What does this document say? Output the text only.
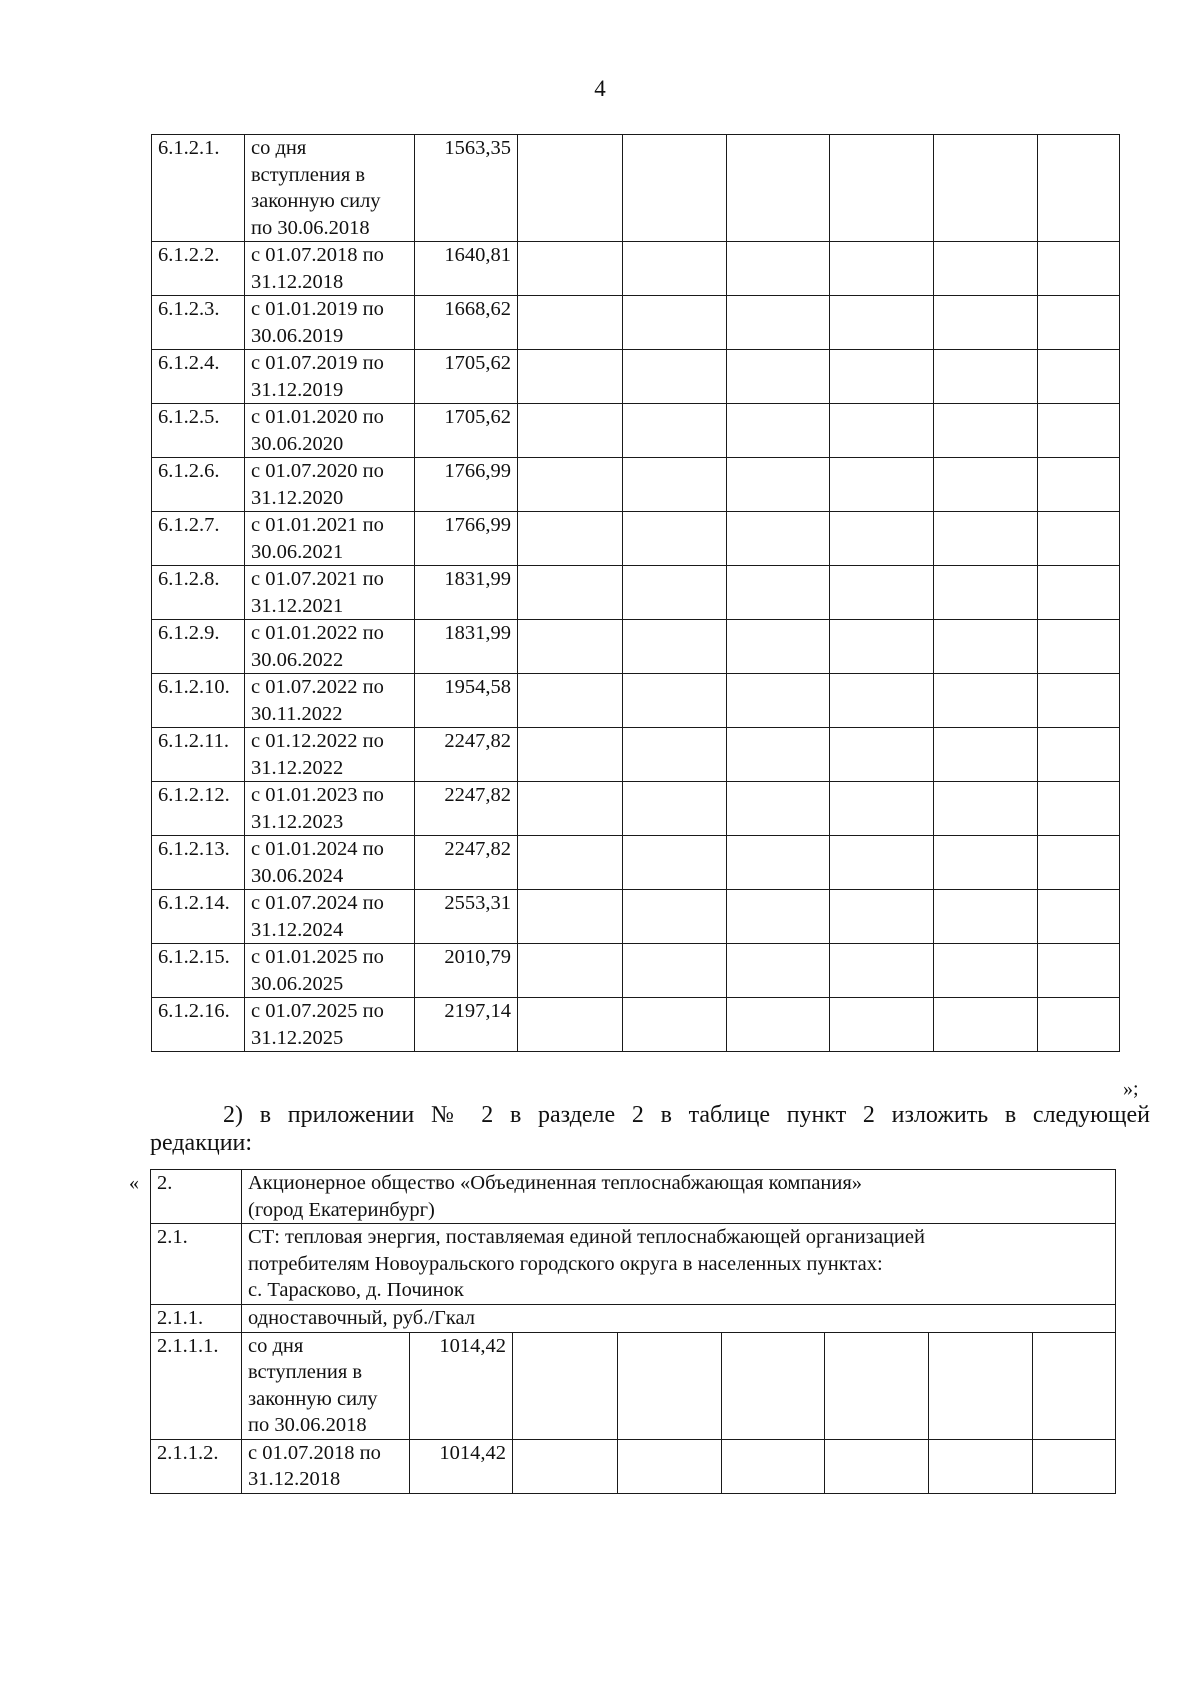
4
6.1.2.1.	со дня
вступления в
законную силу
по 30.06.2018	1563,35						
6.1.2.2.	с 01.07.2018 по
31.12.2018	1640,81						
6.1.2.3.	с 01.01.2019 по
30.06.2019	1668,62						
6.1.2.4.	с 01.07.2019 по
31.12.2019	1705,62						
6.1.2.5.	с 01.01.2020 по
30.06.2020	1705,62						
6.1.2.6.	с 01.07.2020 по
31.12.2020	1766,99						
6.1.2.7.	с 01.01.2021 по
30.06.2021	1766,99						
6.1.2.8.	с 01.07.2021 по
31.12.2021	1831,99						
6.1.2.9.	с 01.01.2022 по
30.06.2022	1831,99						
6.1.2.10.	с 01.07.2022 по
30.11.2022	1954,58						
6.1.2.11.	с 01.12.2022 по
31.12.2022	2247,82						
6.1.2.12.	с 01.01.2023 по
31.12.2023	2247,82						
6.1.2.13.	с 01.01.2024 по
30.06.2024	2247,82						
6.1.2.14.	с 01.07.2024 по
31.12.2024	2553,31						
6.1.2.15.	с 01.01.2025 по
30.06.2025	2010,79						
6.1.2.16.	с 01.07.2025 по
31.12.2025	2197,14						
»;
2) в приложении № 2 в разделе 2 в таблице пункт 2 изложить в следующей
редакции:
« 2.	Акционерное общество «Объединенная теплоснабжающая компания»
(город Екатеринбург)							

2.1.	СТ: тепловая энергия, поставляемая единой теплоснабжающей организацией
потребителям Новоуральского городского округа в населенных пунктах:
с. Тарасково, д. Починок							

2.1.1.	одноставочный, руб./Гкал							

2.1.1.1.	со дня
вступления в
законную силу
по 30.06.2018	1014,42						
2.1.1.2.	с 01.07.2018 по
31.12.2018	1014,42						
